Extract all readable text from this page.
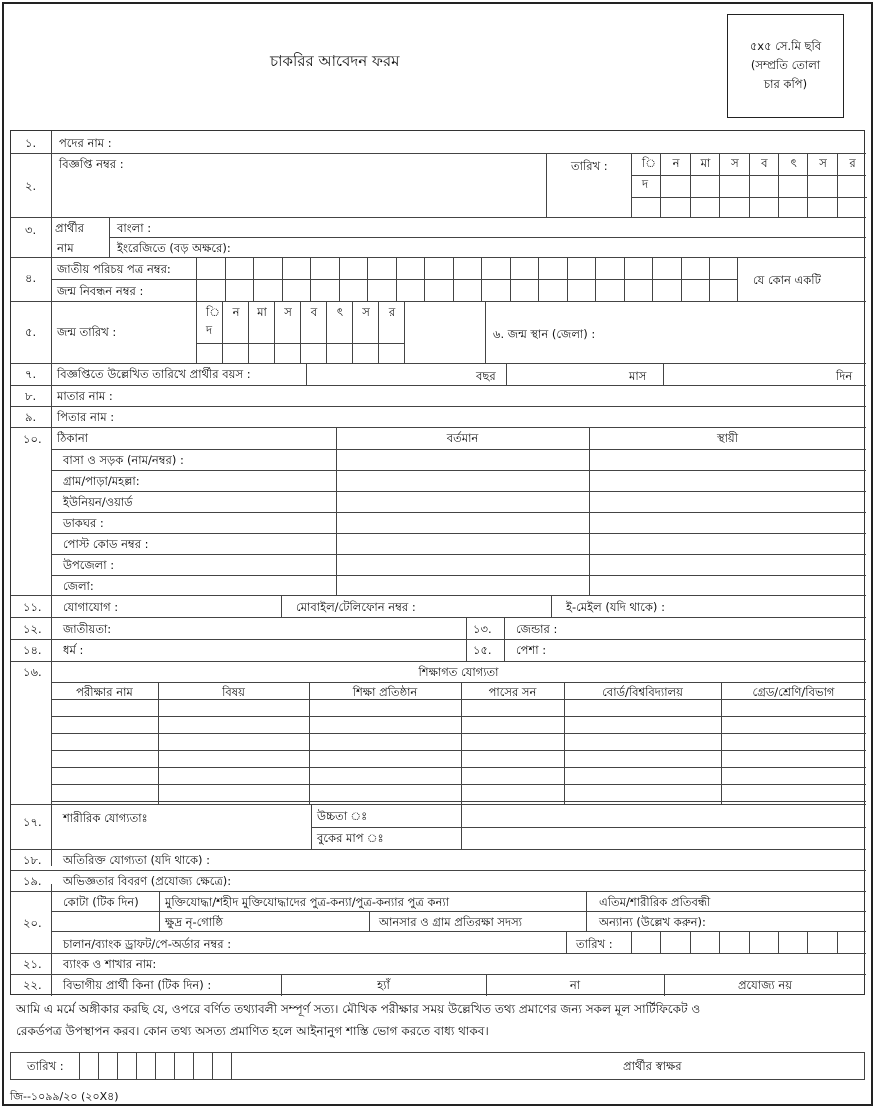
চাকরির আবেদন ফরম
৫x৫ সে.মি ছবি
(সম্প্রতি তোলা
চার কপি)
১. পদের নাম :
২.
বিজ্ঞপ্তি নম্বর :	তারিখ :
৩. প্রার্থীর
নাম
বাংলা :
ইংরেজিতে (বড় অক্ষরে):
৪.
জাতীয় পরিচয় পত্র নম্বর:
জন্ম নিবন্ধন নম্বর :
যে কোন একটি
৫. জন্ম তারিখ :	৬. জন্ম স্থান (জেলা) :
৭. বিজ্ঞপ্তিতে উল্লেখিত তারিখে প্রার্থীর বয়স :	বছর	মাস	দিন
৮. মাতার নাম :
৯. পিতার নাম :
১০. ঠিকানা	বর্তমান	স্থায়ী
১১. যোগাযোগ :	মোবাইল/টেলিফোন নম্বর :	ই-মেইল (যদি থাকে) :
১২. জাতীয়তা:	১৩. জেন্ডার :
১৪. ধর্ম :	১৫. পেশা :
১৬.	শিক্ষাগত যোগ্যতা
১৭. শারীরিক যোগ্যতাঃ	উচ্চতা ঃ
বুকের মাপ ঃ
১৮. অতিরিক্ত যোগ্যতা (যদি থাকে) :
১৯. অভিজ্ঞতার বিবরণ (প্রযোজ্য ক্ষেত্রে):
২০.
কোটা (টিক দিন) মুক্তিযোদ্ধা/শহীদ মুক্তিযোদ্ধাদের পুত্র-কন্যা/পুত্র-কন্যার পুত্র কন্যা	এতিম/শারীরিক প্রতিবন্ধী
ক্ষুদ্র নৃ-গোষ্ঠি	আনসার ও গ্রাম প্রতিরক্ষা সদস্য	অন্যান্য (উল্লেখ করুন):
চালান/ব্যাংক ড্রাফট/পে-অর্ডার নম্বর :	তারিখ :
২১. ব্যাংক ও শাখার নাম:
২২. বিভাগীয় প্রার্থী কিনা (টিক দিন) :	হ্যাঁ	না	প্রযোজ্য নয়
ি
দ
ন	মা	স	ব	ৎ	স	র
ি
দ
ন	মা	স	ব	ৎ	স	র
বাসা ও সড়ক (নাম/নম্বর) :
গ্রাম/পাড়া/মহল্লা:
ইউনিয়ন/ওয়ার্ড
ডাকঘর :
পোস্ট কোড নম্বর :
উপজেলা :
জেলা:
পরীক্ষার নাম	বিষয়	শিক্ষা প্রতিষ্ঠান	পাসের সন	বোর্ড/বিশ্ববিদ্যালয়	গ্রেড/শ্রেণি/বিভাগ
আমি এ মর্মে অঙ্গীকার করছি যে, ওপরে বর্ণিত তথ্যাবলী সম্পূর্ণ সত্য। মৌখিক পরীক্ষার সময় উল্লেখিত তথ্য প্রমাণের জন্য সকল মূল সার্টিফিকেট ও
রেকর্ডপত্র উপস্থাপন করব। কোন তথ্য অসত্য প্রমাণিত হলে আইনানুগ শাস্তি ভোগ করতে বাধ্য থাকব।
তারিখ :	প্রার্থীর স্বাক্ষর
জি--১০৯৯/২০ (২০X৪)
